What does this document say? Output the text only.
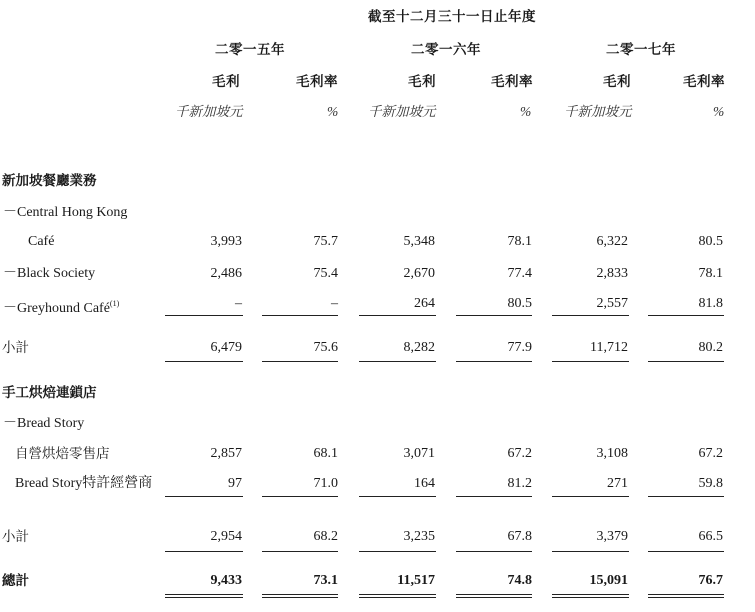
截至十二月三十一日止年度
二零一五年	二零一六年	二零一七年
毛利	毛利率	毛利	毛利率	毛利	毛利率
千新加坡元	% 千新加坡元	% 千新加坡元	%
新加坡餐廳業務
－Central Hong Kong
Café	3,993	75.7	5,348	78.1	6,322	80.5
－Black Society	2,486	75.4	2,670	77.4	2,833	78.1
－Greyhound Café$^{(1)}$	–	–	264	80.5	2,557	81.8
小計	6,479	75.6	8,282	77.9	11,712	80.2
手工烘焙連鎖店
－Bread Story
自營烘焙零售店	2,857	68.1	3,071	67.2	3,108	67.2
Bread Story特許經營商	97	71.0	164	81.2	271	59.8
小計	2,954	68.2	3,235	67.8	3,379	66.5
總計	9,433	73.1	11,517	74.8	15,091	76.7
